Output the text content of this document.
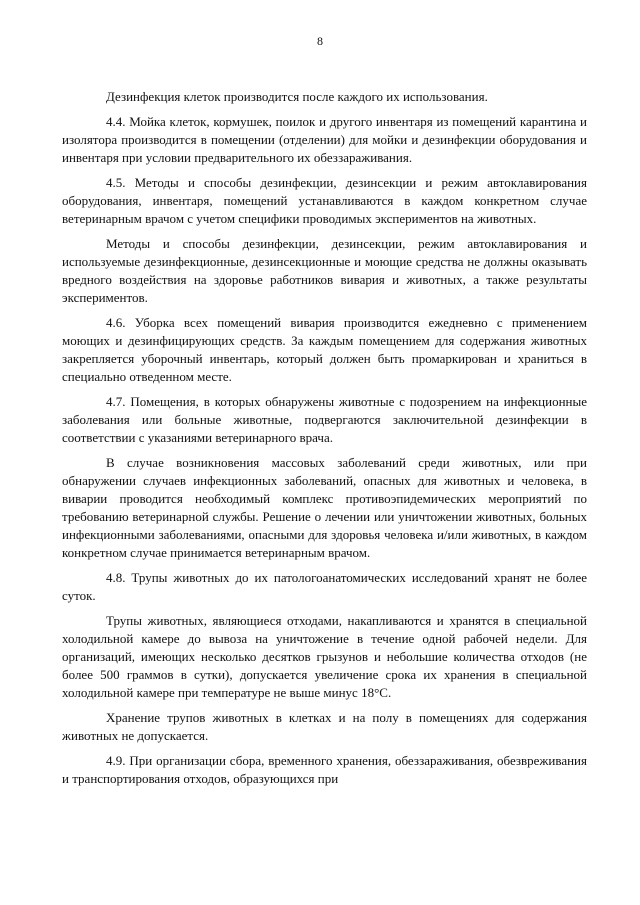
8

Дезинфекция клеток производится после каждого их использования.

4.4. Мойка клеток, кормушек, поилок и другого инвентаря из помещений карантина и изолятора производится в помещении (отделении) для мойки и дезинфекции оборудования и инвентаря при условии предварительного их обеззараживания.

4.5. Методы и способы дезинфекции, дезинсекции и режим автоклавирования оборудования, инвентаря, помещений устанавливаются в каждом конкретном случае ветеринарным врачом с учетом специфики проводимых экспериментов на животных.

Методы и способы дезинфекции, дезинсекции, режим автоклавирования и используемые дезинфекционные, дезинсекционные и моющие средства не должны оказывать вредного воздействия на здоровье работников вивария и животных, а также результаты экспериментов.

4.6. Уборка всех помещений вивария производится ежедневно с применением моющих и дезинфицирующих средств. За каждым помещением для содержания животных закрепляется уборочный инвентарь, который должен быть промаркирован и храниться в специально отведенном месте.

4.7. Помещения, в которых обнаружены животные с подозрением на инфекционные заболевания или больные животные, подвергаются заключительной дезинфекции в соответствии с указаниями ветеринарного врача.

В случае возникновения массовых заболеваний среди животных, или при обнаружении случаев инфекционных заболеваний, опасных для животных и человека, в виварии проводится необходимый комплекс противоэпидемических мероприятий по требованию ветеринарной службы. Решение о лечении или уничтожении животных, больных инфекционными заболеваниями, опасными для здоровья человека и/или животных, в каждом конкретном случае принимается ветеринарным врачом.

4.8. Трупы животных до их патологоанатомических исследований хранят не более суток.

Трупы животных, являющиеся отходами, накапливаются и хранятся в специальной холодильной камере до вывоза на уничтожение в течение одной рабочей недели. Для организаций, имеющих несколько десятков грызунов и небольшие количества отходов (не более 500 граммов в сутки), допускается увеличение срока их хранения в специальной холодильной камере при температуре не выше минус 18°С.

Хранение трупов животных в клетках и на полу в помещениях для содержания животных не допускается.

4.9. При организации сбора, временного хранения, обеззараживания, обезвреживания и транспортирования отходов, образующихся при
